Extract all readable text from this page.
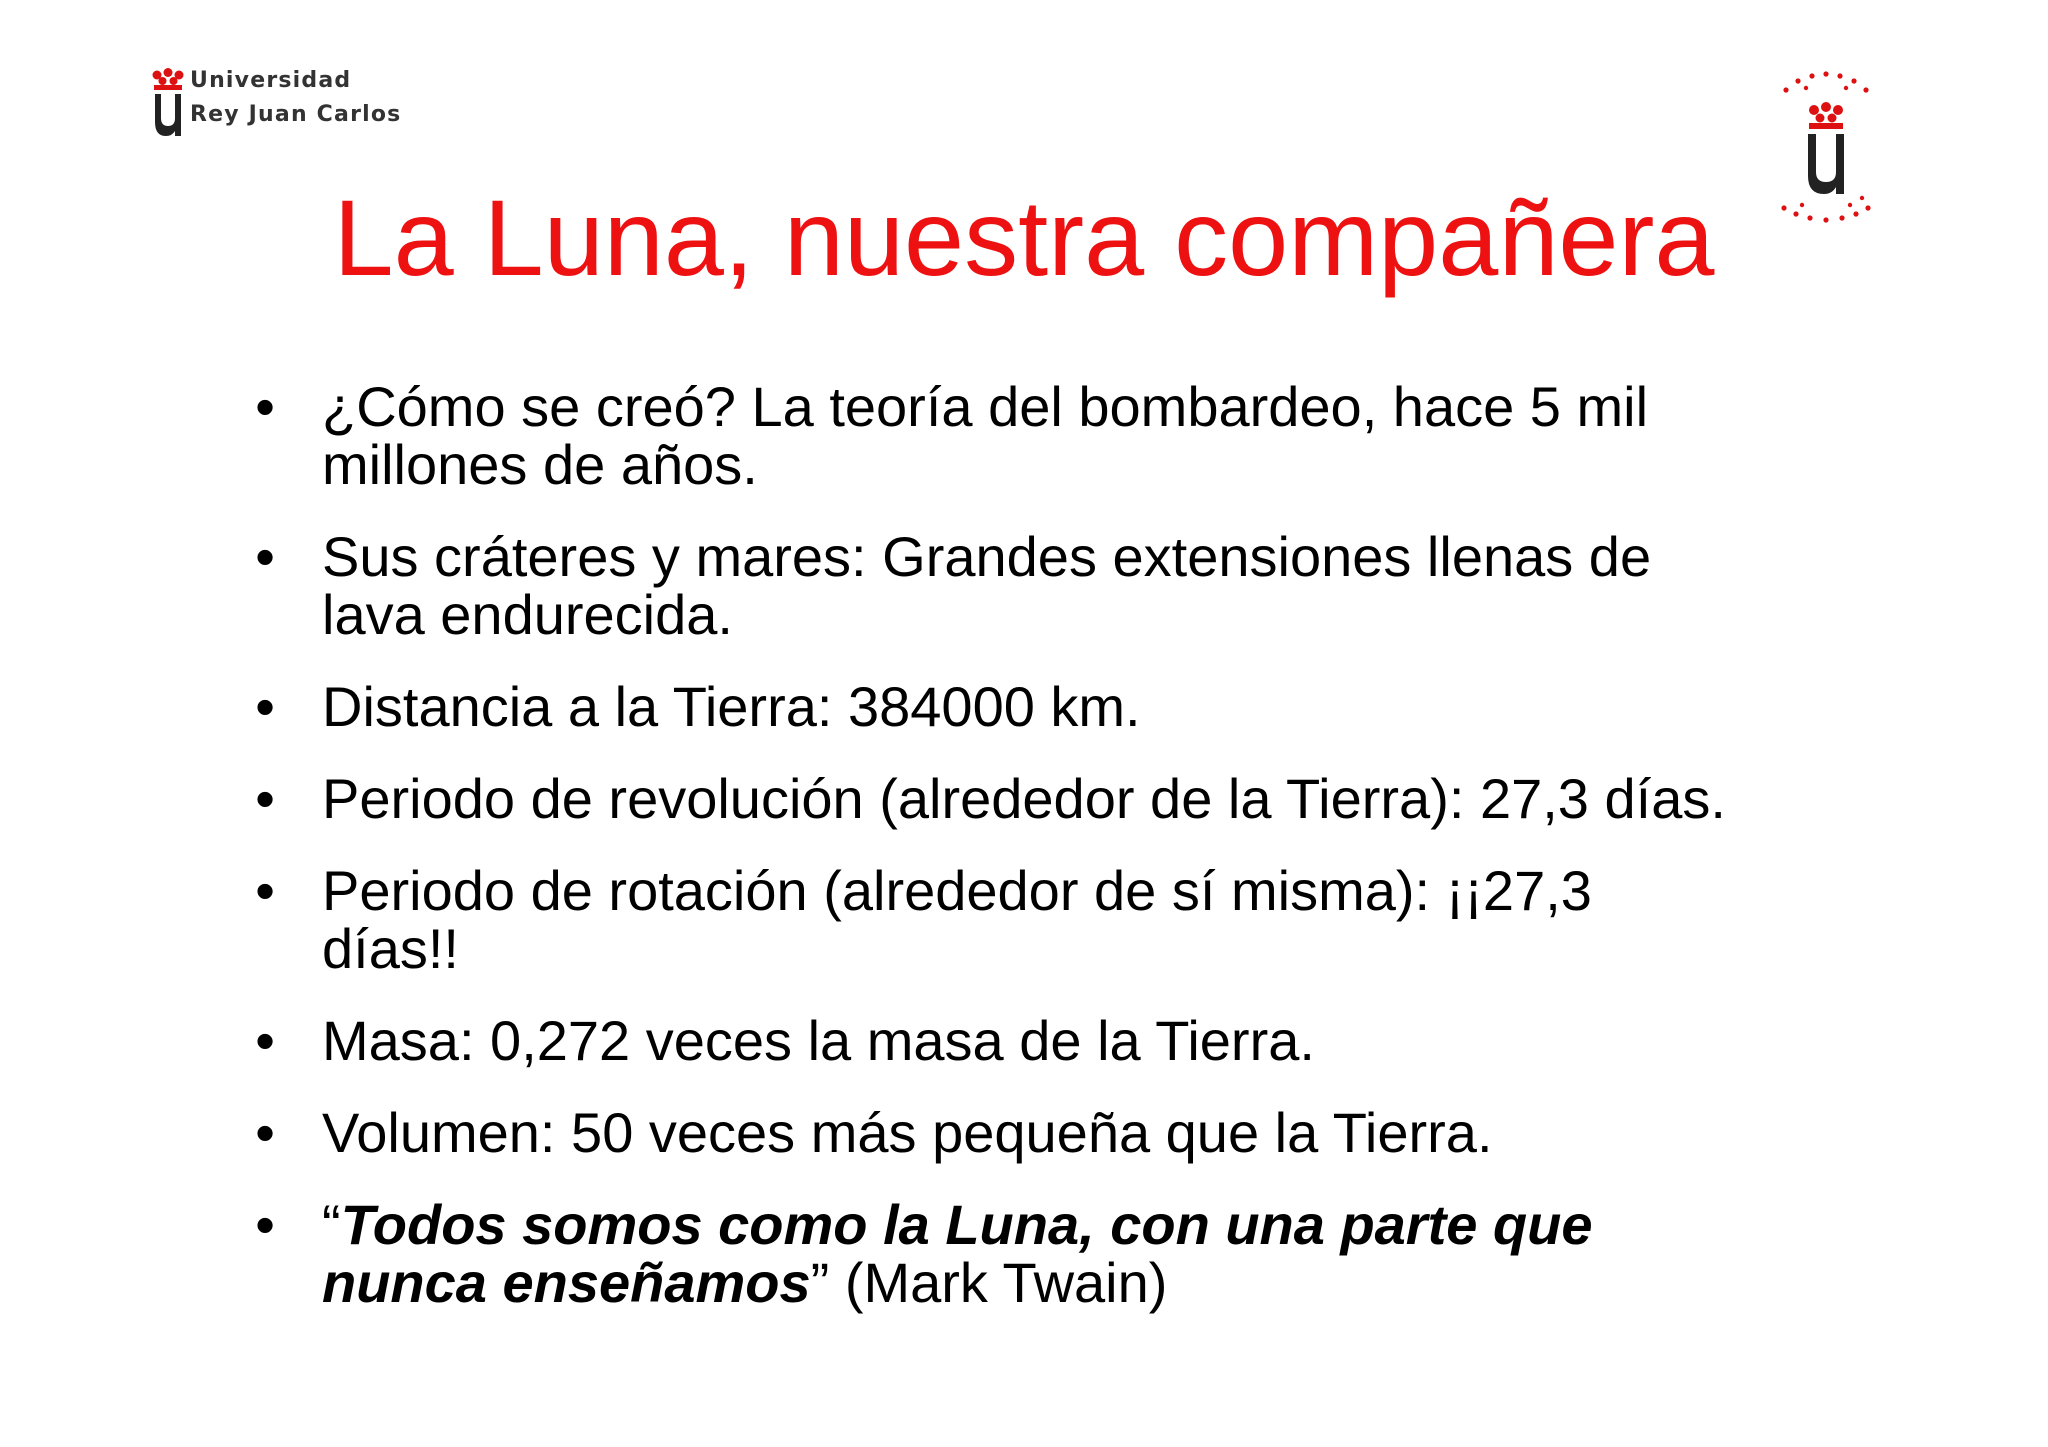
Universidad
Rey Juan Carlos
La Luna, nuestra compañera
• ¿Cómo se creó? La teoría del bombardeo, hace 5 mil
millones de años.
• Sus cráteres y mares: Grandes extensiones llenas de
lava endurecida.
• Distancia a la Tierra: 384000 km.
• Periodo de revolución (alrededor de la Tierra): 27,3 días.
• Periodo de rotación (alrededor de sí misma): ¡¡27,3
días!!
• Masa: 0,272 veces la masa de la Tierra.
• Volumen: 50 veces más pequeña que la Tierra.
• “Todos somos como la Luna, con una parte que
nunca enseñamos” (Mark Twain)
